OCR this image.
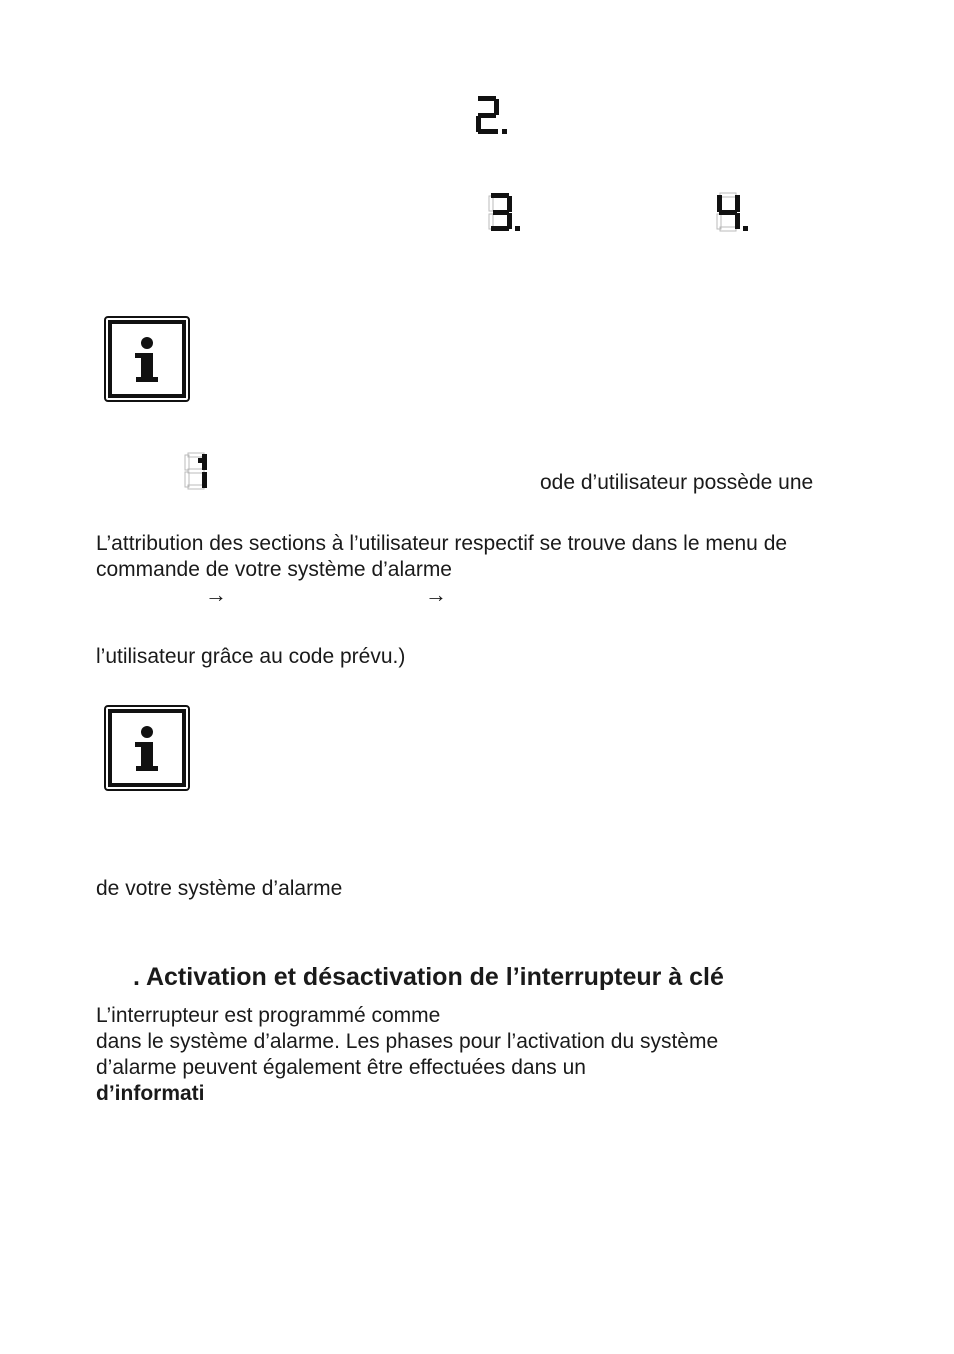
ode d’utilisateur possède une
L’attribution des sections à l’utilisateur respectif se trouve dans le menu de
commande de votre système d’alarme
→	→
l’utilisateur grâce au code prévu.)
de votre système d’alarme
. Activation et désactivation de l’interrupteur à clé
L’interrupteur est programmé comme
dans le système d’alarme. Les phases pour l’activation du système
d’alarme peuvent également être effectuées dans un
d’informati
